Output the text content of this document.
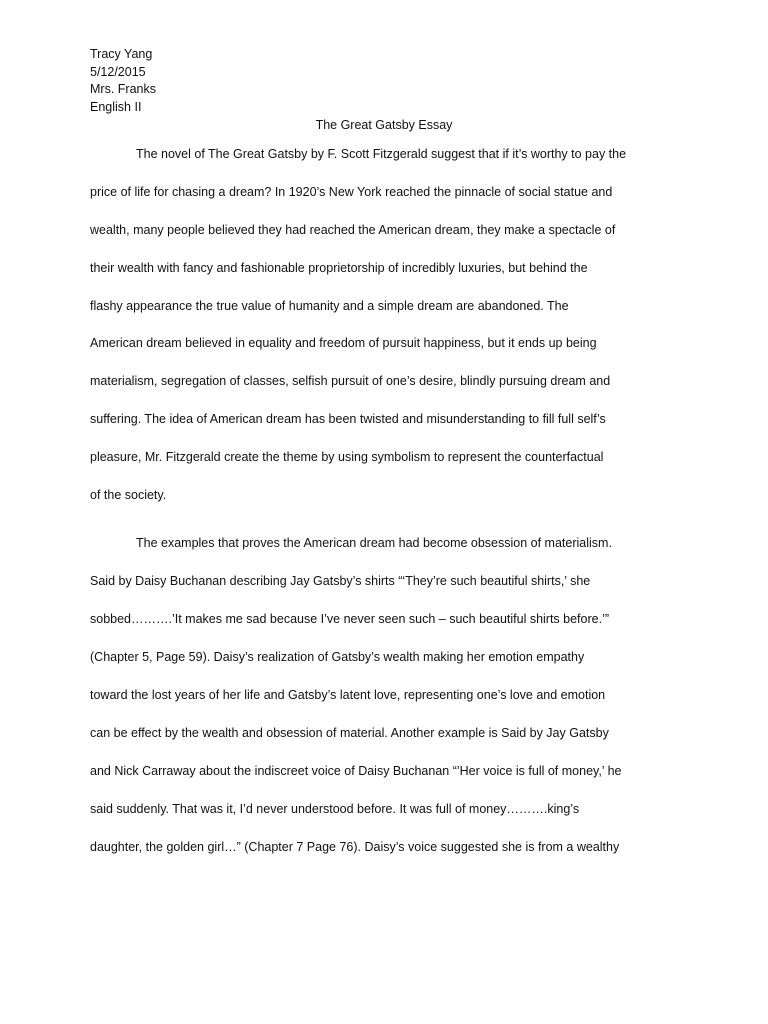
Tracy Yang
5/12/2015
Mrs. Franks
English II
The Great Gatsby Essay
The novel of The Great Gatsby by F. Scott Fitzgerald suggest that if it’s worthy to pay the
price of life for chasing a dream? In 1920’s New York reached the pinnacle of social statue and
wealth, many people believed they had reached the American dream, they make a spectacle of
their wealth with fancy and fashionable proprietorship of incredibly luxuries, but behind the
flashy appearance the true value of humanity and a simple dream are abandoned. The
American dream believed in equality and freedom of pursuit happiness, but it ends up being
materialism, segregation of classes, selfish pursuit of one’s desire, blindly pursuing dream and
suffering. The idea of American dream has been twisted and misunderstanding to fill full self’s
pleasure, Mr. Fitzgerald create the theme by using symbolism to represent the counterfactual
of the society.
The examples that proves the American dream had become obsession of materialism.
Said by Daisy Buchanan describing Jay Gatsby’s shirts “‘They’re such beautiful shirts,’ she
sobbed……….’It makes me sad because I’ve never seen such – such beautiful shirts before.’”
(Chapter 5, Page 59). Daisy’s realization of Gatsby’s wealth making her emotion empathy
toward the lost years of her life and Gatsby’s latent love, representing one’s love and emotion
can be effect by the wealth and obsession of material. Another example is Said by Jay Gatsby
and Nick Carraway about the indiscreet voice of Daisy Buchanan “’Her voice is full of money,’ he
said suddenly. That was it, I’d never understood before. It was full of money……….king’s
daughter, the golden girl…” (Chapter 7 Page 76). Daisy’s voice suggested she is from a wealthy
